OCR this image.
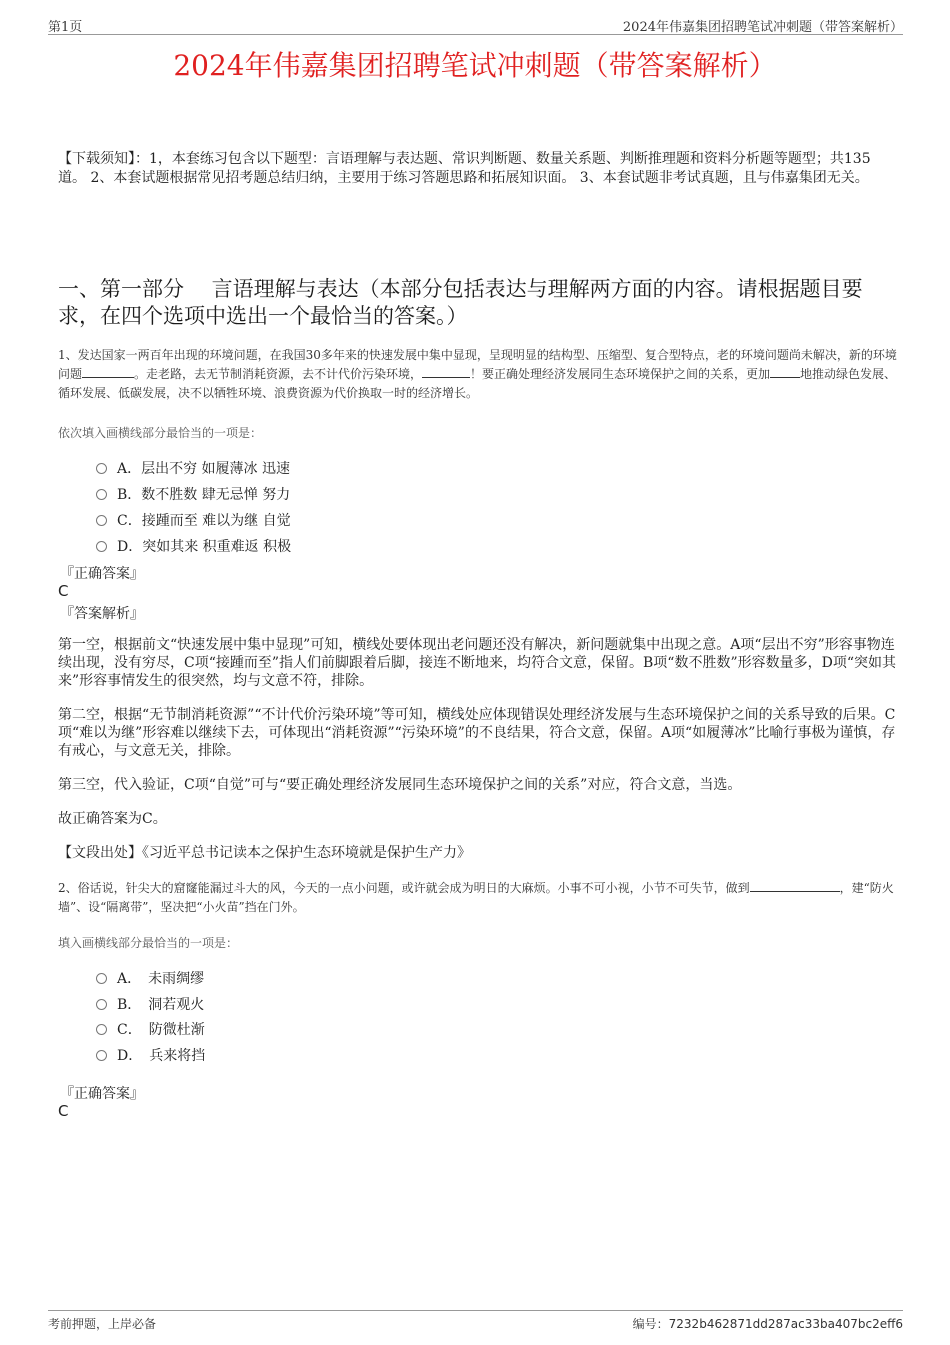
第1页	2024年伟嘉集团招聘笔试冲刺题（带答案解析）
2024年伟嘉集团招聘笔试冲刺题（带答案解析）
【下载须知】：1，本套练习包含以下题型：言语理解与表达题、常识判断题、数量关系题、判断推理题和资料分析题等题型；共135道。 2、本套试题根据常见招考题总结归纳，主要用于练习答题思路和拓展知识面。 3、本套试题非考试真题，且与伟嘉集团无关。
一、第一部分　 言语理解与表达（本部分包括表达与理解两方面的内容。请根据题目要求，在四个选项中选出一个最恰当的答案。）
1、发达国家一两百年出现的环境问题，在我国30多年来的快速发展中集中显现，呈现明显的结构型、压缩型、复合型特点，老的环境问题尚未解决，新的环境问题	。走老路，去无节制消耗资源，去不计代价污染环境，	！要正确处理经济发展同生态环境保护之间的关系，更加	地推动绿色发展、循环发展、低碳发展，决不以牺牲环境、浪费资源为代价换取一时的经济增长。
依次填入画横线部分最恰当的一项是：
A．层出不穷 如履薄冰 迅速
B．数不胜数 肆无忌惮 努力
C．接踵而至 难以为继 自觉
D．突如其来 积重难返 积极
『正确答案』
C
『答案解析』
第一空，根据前文“快速发展中集中显现”可知，横线处要体现出老问题还没有解决，新问题就集中出现之意。A项“层出不穷”形容事物连续出现，没有穷尽，C项“接踵而至”指人们前脚跟着后脚，接连不断地来，均符合文意，保留。B项“数不胜数”形容数量多，D项“突如其来”形容事情发生的很突然，均与文意不符，排除。
第二空，根据“无节制消耗资源”“不计代价污染环境”等可知，横线处应体现错误处理经济发展与生态环境保护之间的关系导致的后果。C项“难以为继”形容难以继续下去，可体现出“消耗资源”“污染环境”的不良结果，符合文意，保留。A项“如履薄冰”比喻行事极为谨慎，存有戒心，与文意无关，排除。
第三空，代入验证，C项“自觉”可与“要正确处理经济发展同生态环境保护之间的关系”对应，符合文意，当选。
故正确答案为C。
【文段出处】《习近平总书记读本之保护生态环境就是保护生产力》
2、俗话说，针尖大的窟窿能漏过斗大的风，今天的一点小问题，或许就会成为明日的大麻烦。小事不可小视，小节不可失节，做到	，建“防火墙”、设“隔离带”，坚决把“小火苗”挡在门外。
填入画横线部分最恰当的一项是：
A．　未雨绸缪
B．　洞若观火
C．　防微杜渐
D．　兵来将挡
『正确答案』
C
考前押题，上岸必备	编号：7232b462871dd287ac33ba407bc2eff6
